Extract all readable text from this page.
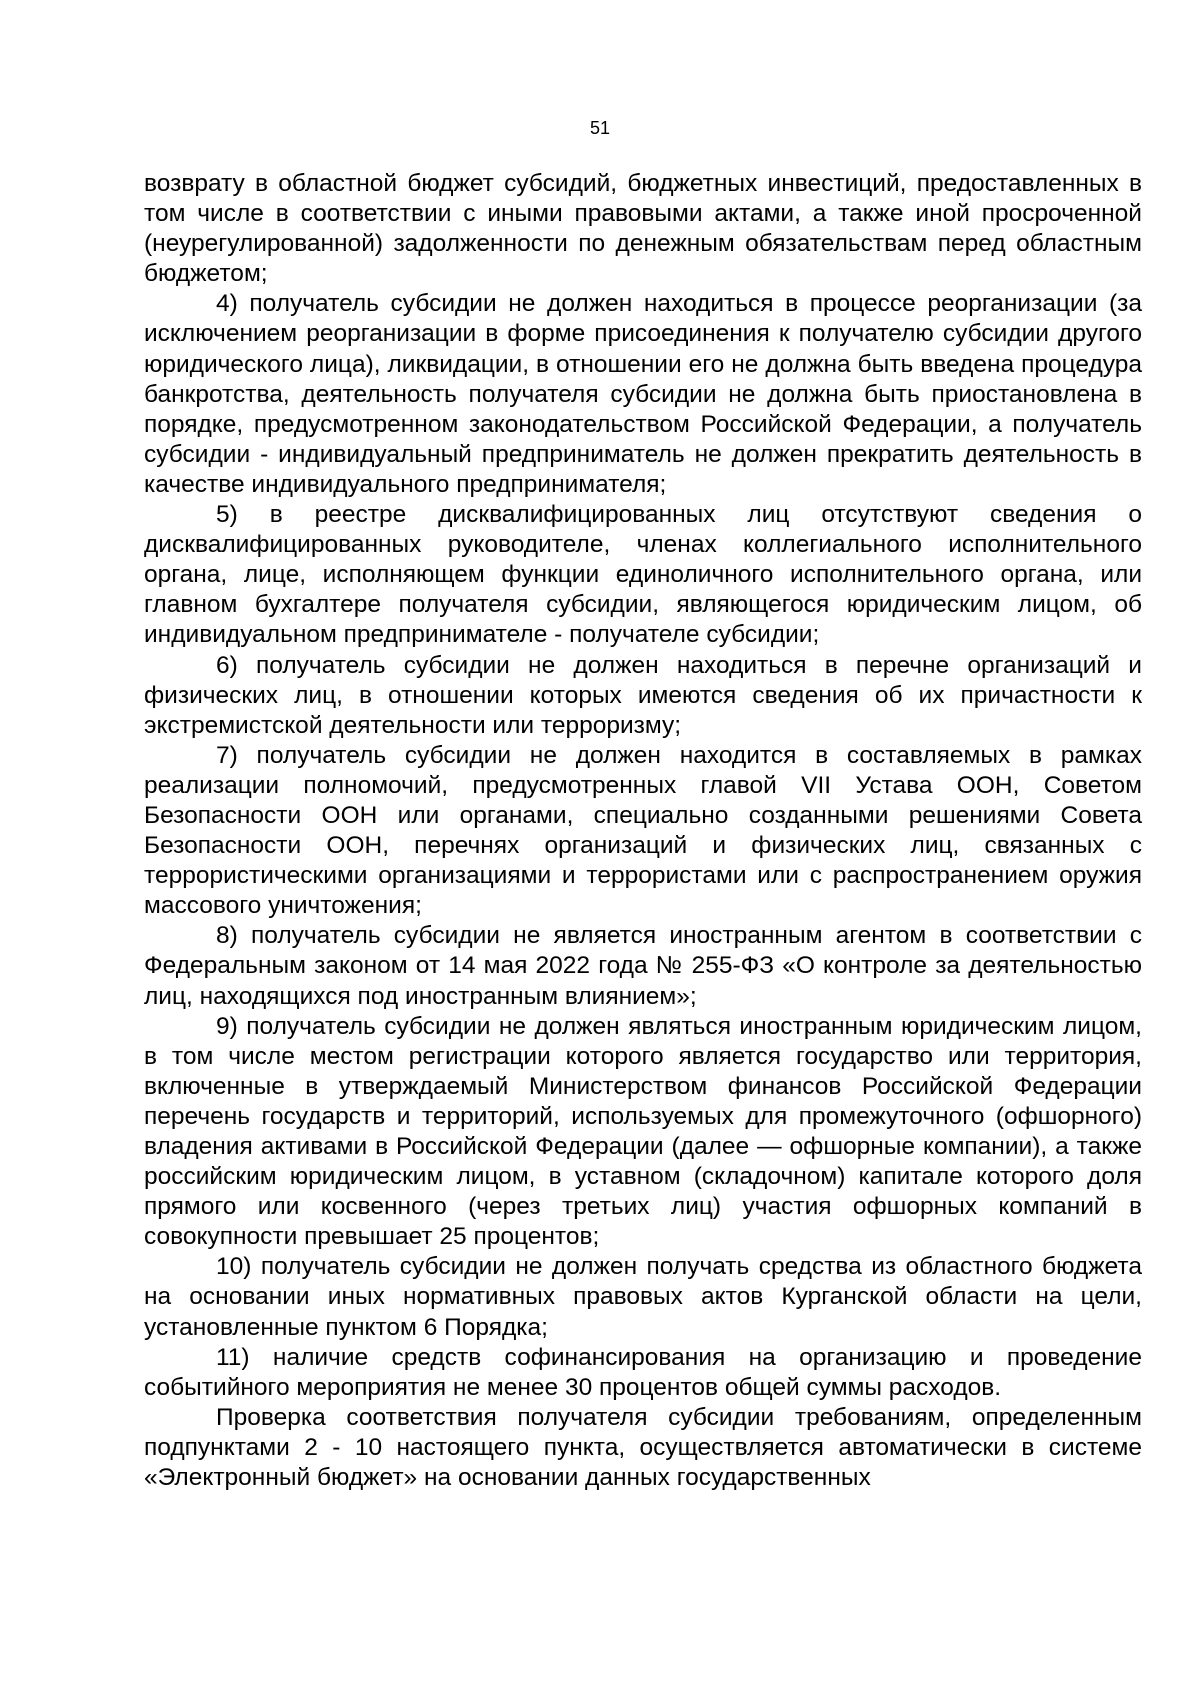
51

возврату в областной бюджет субсидий, бюджетных инвестиций, предоставленных в том числе в соответствии с иными правовыми актами, а также иной просроченной (неурегулированной) задолженности по денежным обязательствам перед областным бюджетом;

4) получатель субсидии не должен находиться в процессе реорганизации (за исключением реорганизации в форме присоединения к получателю субсидии другого юридического лица), ликвидации, в отношении его не должна быть введена процедура банкротства, деятельность получателя субсидии не должна быть приостановлена в порядке, предусмотренном законодательством Российской Федерации, а получатель субсидии - индивидуальный предприниматель не должен прекратить деятельность в качестве индивидуального предпринимателя;

5) в реестре дисквалифицированных лиц отсутствуют сведения о дисквалифицированных руководителе, членах коллегиального исполнительного органа, лице, исполняющем функции единоличного исполнительного органа, или главном бухгалтере получателя субсидии, являющегося юридическим лицом, об индивидуальном предпринимателе - получателе субсидии;

6) получатель субсидии не должен находиться в перечне организаций и физических лиц, в отношении которых имеются сведения об их причастности к экстремистской деятельности или терроризму;

7) получатель субсидии не должен находится в составляемых в рамках реализации полномочий, предусмотренных главой VII Устава ООН, Советом Безопасности ООН или органами, специально созданными решениями Совета Безопасности ООН, перечнях организаций и физических лиц, связанных с террористическими организациями и террористами или с распространением оружия массового уничтожения;

8) получатель субсидии не является иностранным агентом в соответствии с Федеральным законом от 14 мая 2022 года № 255-ФЗ «О контроле за деятельностью лиц, находящихся под иностранным влиянием»;

9) получатель субсидии не должен являться иностранным юридическим лицом, в том числе местом регистрации которого является государство или территория, включенные в утверждаемый Министерством финансов Российской Федерации перечень государств и территорий, используемых для промежуточного (офшорного) владения активами в Российской Федерации (далее — офшорные компании), а также российским юридическим лицом, в уставном (складочном) капитале которого доля прямого или косвенного (через третьих лиц) участия офшорных компаний в совокупности превышает 25 процентов;

10) получатель субсидии не должен получать средства из областного бюджета на основании иных нормативных правовых актов Курганской области на цели, установленные пунктом 6 Порядка;

11) наличие средств софинансирования на организацию и проведение событийного мероприятия не менее 30 процентов общей суммы расходов.

Проверка соответствия получателя субсидии требованиям, определенным подпунктами 2 - 10 настоящего пункта, осуществляется автоматически в системе «Электронный бюджет» на основании данных государственных
